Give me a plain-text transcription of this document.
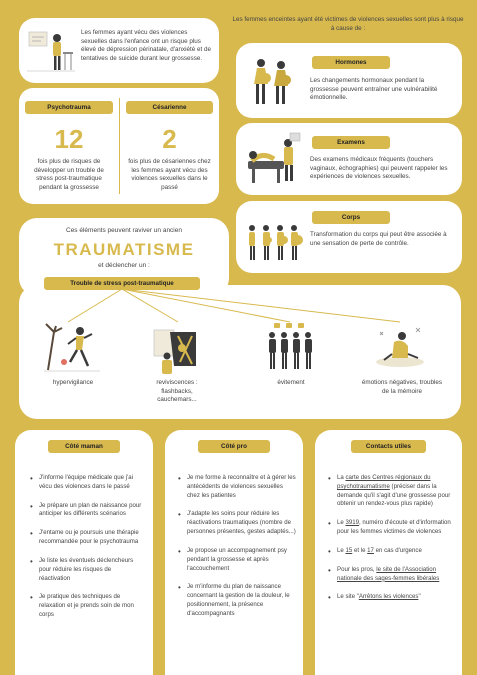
Les femmes ayant vécu des violences sexuelles dans l'enfance ont un risque plus élevé de dépression périnatale, d'anxiété et de tentatives de suicide durant leur grossesse.
Psychotrauma
12
fois plus de risques de développer un trouble de stress post-traumatique pendant la grossesse
Césarienne
2
fois plus de césariennes chez les femmes ayant vécu des violences sexuelles dans le passé
Les femmes enceintes ayant été victimes de violences sexuelles sont plus à risque à cause de :
Hormones
Les changements hormonaux pendant la grossesse peuvent entraîner une vulnérabilité émotionnelle.
Examens
Des examens médicaux fréquents (touchers vaginaux, échographies) qui peuvent rappeler les expériences de violences sexuelles.
Corps
Transformation du corps qui peut être associée à une sensation de perte de contrôle.
Ces éléments peuvent raviver un ancien
TRAUMATISME
et déclencher un :
Trouble de stress post-traumatique
hypervigilance	reviviscences : flashbacks, cauchemars...
évitement	émotions négatives, troubles de la mémoire
Côté maman
• J'informe l'équipe médicale que j'ai vécu des violences dans le passé
• Je prépare un plan de naissance pour anticiper les différents scénarios
• J'entame ou je poursuis une thérapie recommandée pour le psychotrauma
• Je liste les éventuels déclencheurs pour réduire les risques de réactivation
• Je pratique des techniques de relaxation et je prends soin de mon corps
Côté pro
• Je me forme à reconnaître et à gérer les antécédents de violences sexuelles chez les patientes
• J'adapte les soins pour réduire les réactivations traumatiques (nombre de personnes présentes, gestes adaptés...)
• Je propose un accompagnement psy pendant la grossesse et après l'accouchement
• Je m'informe du plan de naissance concernant la gestion de la douleur, le positionnement, la présence d'accompagnants
Contacts utiles
• La carte des Centres régionaux du psychotraumatisme (préciser dans la demande qu'il s'agit d'une grossesse pour obtenir un rendez-vous plus rapide)
• Le 3919, numéro d'écoute et d'information pour les femmes victimes de violences
• Le 15 et le 17 en cas d'urgence
• Pour les pros, le site de l'Association nationale des sages-femmes libérales
• Le site "Arrêtons les violences"
